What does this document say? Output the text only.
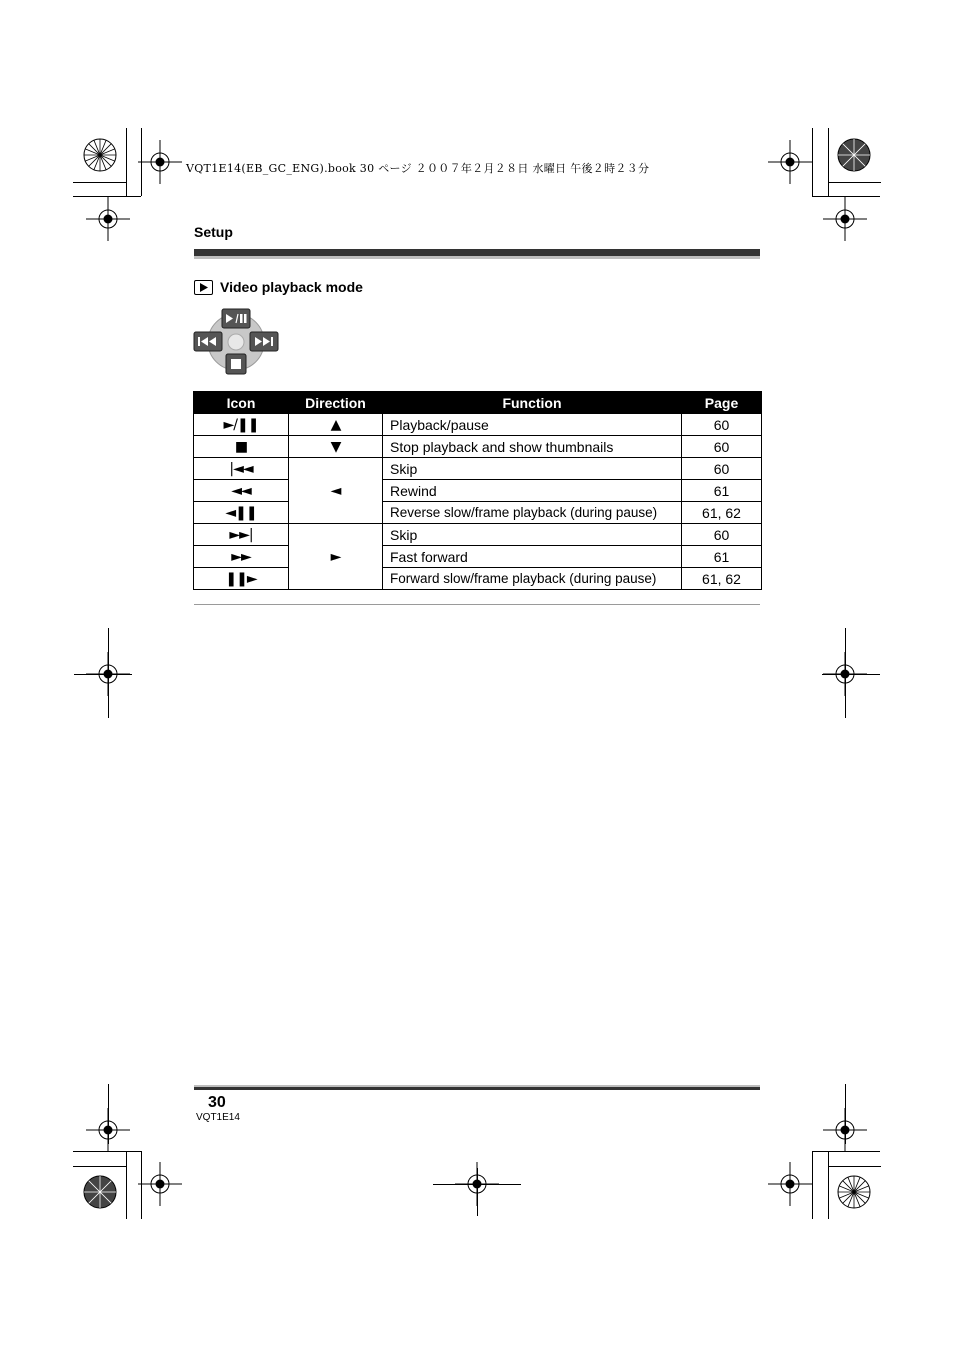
VQT1E14(EB_GC_ENG).book 30 ページ ２００７年２月２８日 水曜日 午後２時２３分
Setup
Video playback mode
Icon	Direction	Function	Page
►/❚❚	▲	Playback/pause	60
■	▼	Stop playback and show thumbnails	60
|◄◄	◄	Skip	60
◄◄		Rewind	61
◄❚❚		Reverse slow/frame playback (during pause)	61, 62
►►|	►	Skip	60
►►		Fast forward	61
❚❚►		Forward slow/frame playback (during pause)	61, 62
30
VQT1E14
